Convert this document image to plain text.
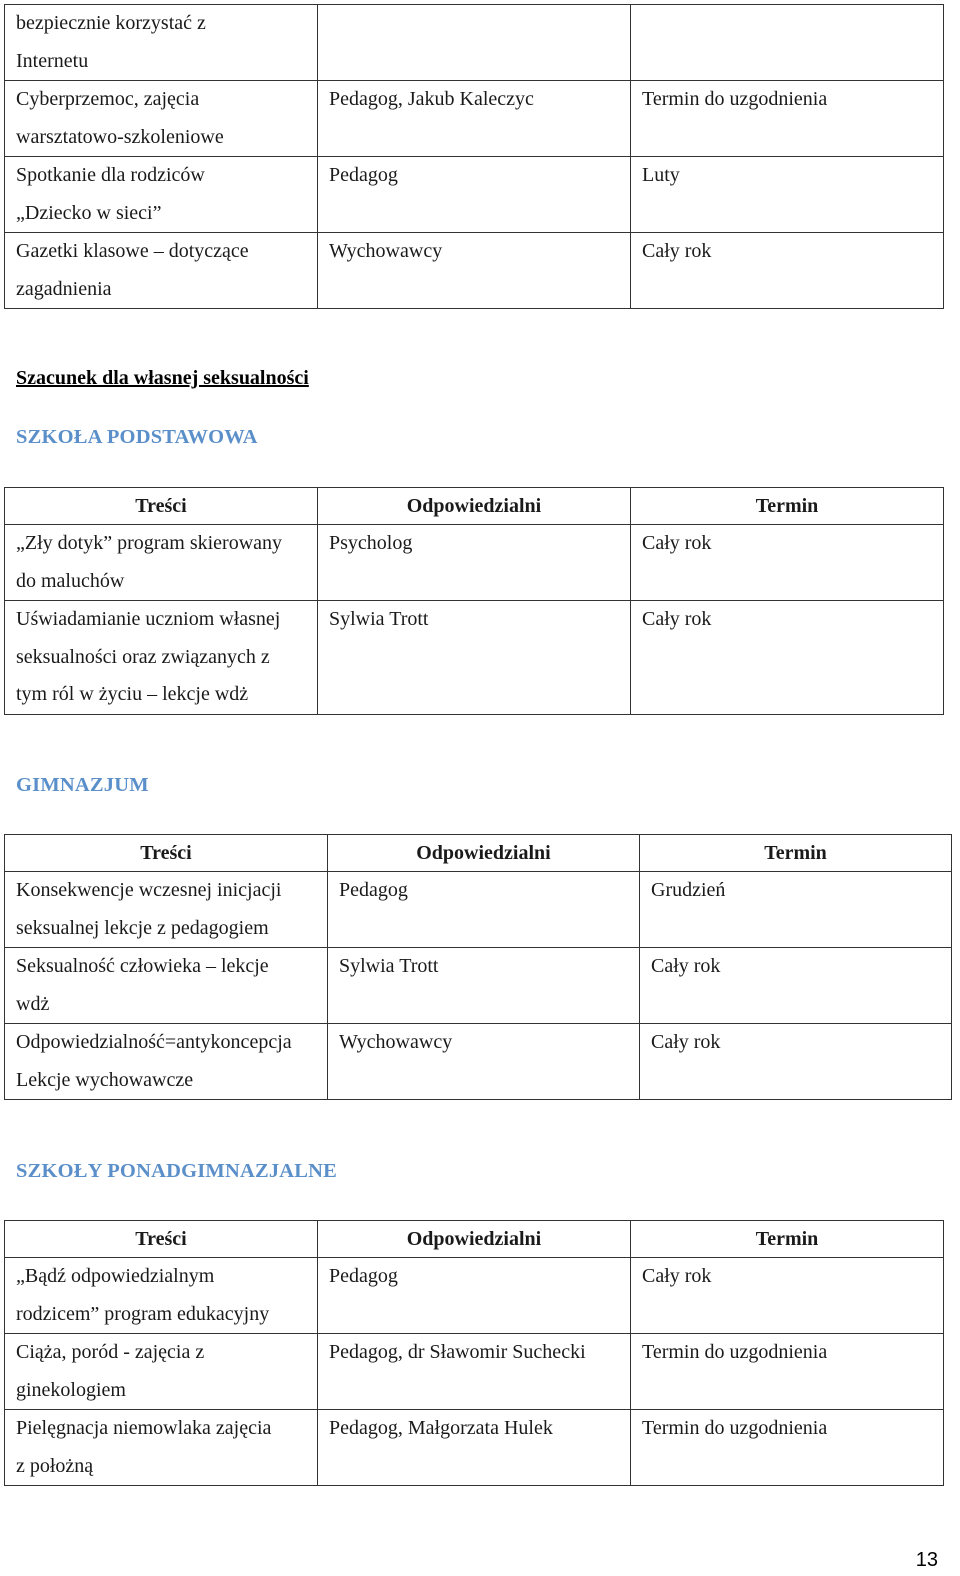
bezpiecznie korzystać z
Internetu		

Cyberprzemoc, zajęcia
warsztatowo-szkoleniowe	Pedagog, Jakub Kaleczyc	Termin do uzgodnienia

Spotkanie dla rodziców
„Dziecko w sieci”	Pedagog	Luty

Gazetki klasowe – dotyczące
zagadnienia	Wychowawcy	Cały rok
Szacunek dla własnej seksualności
SZKOŁA PODSTAWOWA
Treści	Odpowiedzialni	Termin

„Zły dotyk” program skierowany
do maluchów	Psycholog	Cały rok

Uświadamianie uczniom własnej
seksualności oraz związanych z
tym ról w życiu – lekcje wdż	Sylwia Trott	Cały rok
GIMNAZJUM
Treści	Odpowiedzialni	Termin

Konsekwencje wczesnej inicjacji
seksualnej lekcje z pedagogiem	Pedagog	Grudzień

Seksualność człowieka – lekcje
wdż	Sylwia Trott	Cały rok

Odpowiedzialność=antykoncepcja
Lekcje wychowawcze	Wychowawcy	Cały rok
SZKOŁY PONADGIMNAZJALNE
Treści	Odpowiedzialni	Termin

„Bądź odpowiedzialnym
rodzicem” program edukacyjny	Pedagog	Cały rok

Ciąża, poród - zajęcia z
ginekologiem	Pedagog, dr Sławomir Suchecki	Termin do uzgodnienia

Pielęgnacja niemowlaka zajęcia
z położną	Pedagog, Małgorzata Hulek	Termin do uzgodnienia
13
